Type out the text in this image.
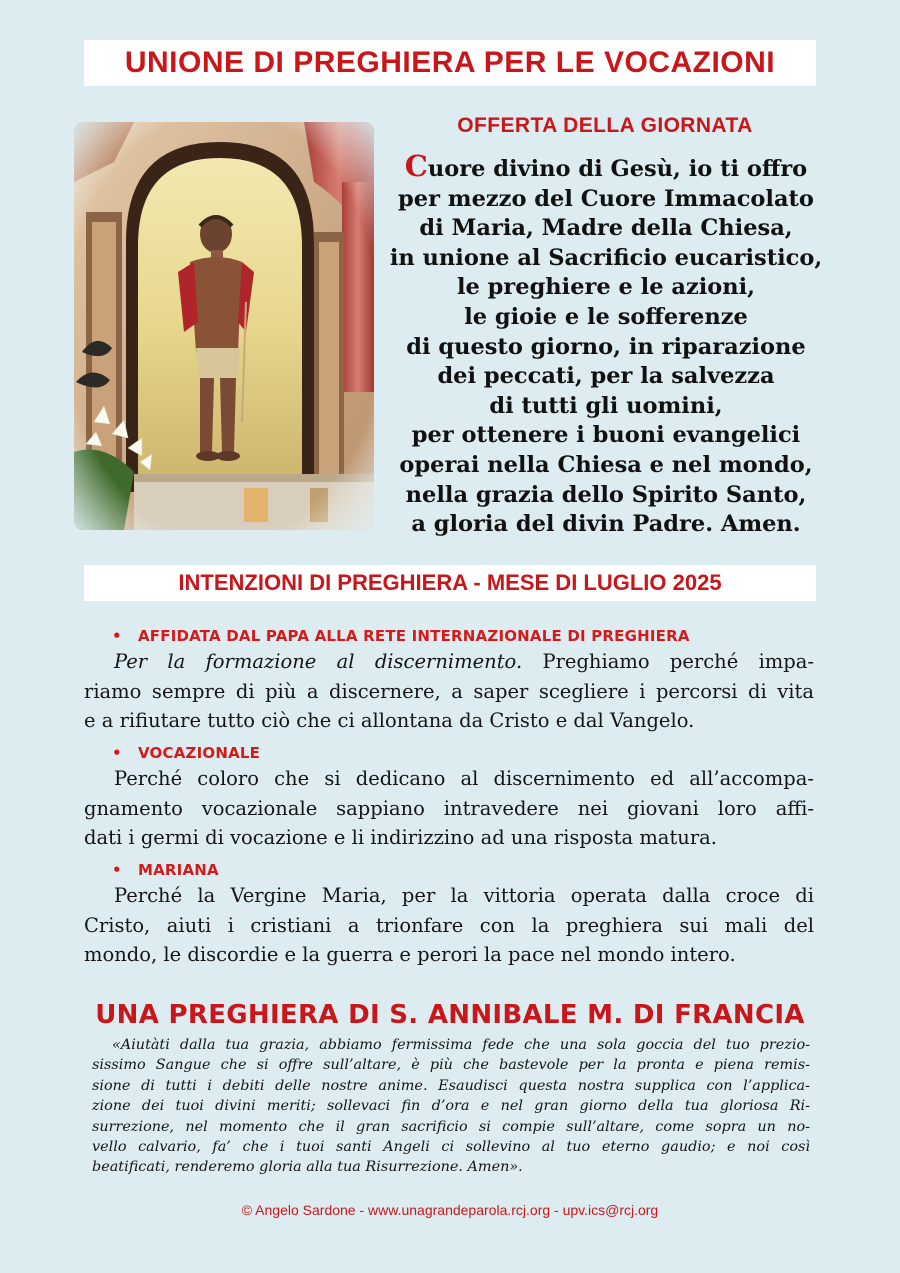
UNIONE DI PREGHIERA PER LE VOCAZIONI
OFFERTA DELLA GIORNATA
Cuore divino di Gesù, io ti offro
per mezzo del Cuore Immacolato
di Maria, Madre della Chiesa,
in unione al Sacrificio eucaristico,
le preghiere e le azioni,
le gioie e le sofferenze
di questo giorno, in riparazione
dei peccati, per la salvezza
di tutti gli uomini,
per ottenere i buoni evangelici
operai nella Chiesa e nel mondo,
nella grazia dello Spirito Santo,
a gloria del divin Padre. Amen.
INTENZIONI DI PREGHIERA - MESE DI LUGLIO 2025
• AFFIDATA DAL PAPA ALLA RETE INTERNAZIONALE DI PREGHIERA
Per la formazione al discernimento. Preghiamo perché impa-
riamo sempre di più a discernere, a saper scegliere i percorsi di vita
e a rifiutare tutto ciò che ci allontana da Cristo e dal Vangelo.
• VOCAZIONALE
Perché coloro che si dedicano al discernimento ed all’accompa-
gnamento vocazionale sappiano intravedere nei giovani loro affi-
dati i germi di vocazione e li indirizzino ad una risposta matura.
• MARIANA
Perché la Vergine Maria, per la vittoria operata dalla croce di
Cristo, aiuti i cristiani a trionfare con la preghiera sui mali del
mondo, le discordie e la guerra e perori la pace nel mondo intero.
UNA PREGHIERA DI S. ANNIBALE M. DI FRANCIA
«Aiutàti dalla tua grazia, abbiamo fermissima fede che una sola goccia del tuo prezio-
sissimo Sangue che si offre sull’altare, è più che bastevole per la pronta e piena remis-
sione di tutti i debiti delle nostre anime. Esaudisci questa nostra supplica con l’applica-
zione dei tuoi divini meriti; sollevaci fin d’ora e nel gran giorno della tua gloriosa Ri-
surrezione, nel momento che il gran sacrificio si compie sull’altare, come sopra un no-
vello calvario, fa’ che i tuoi santi Angeli ci sollevino al tuo eterno gaudio; e noi così
beatificati, renderemo gloria alla tua Risurrezione. Amen».
© Angelo Sardone - www.unagrandeparola.rcj.org - upv.ics@rcj.org
